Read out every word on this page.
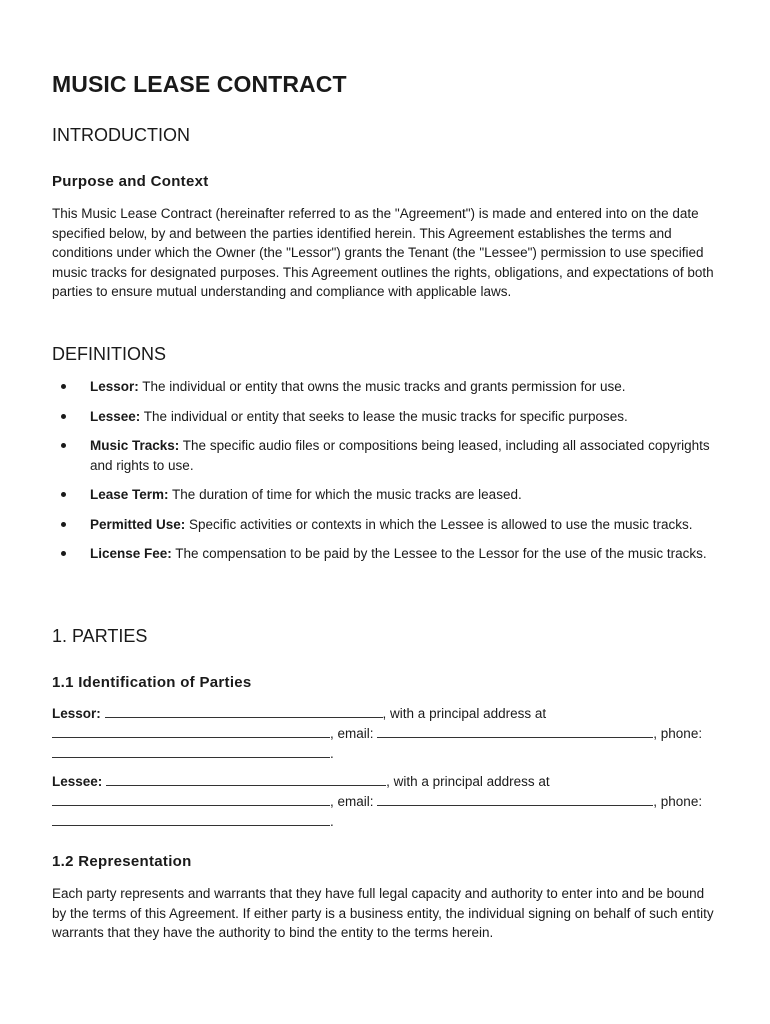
MUSIC LEASE CONTRACT
INTRODUCTION
Purpose and Context

This Music Lease Contract (hereinafter referred to as the "Agreement") is made and entered into on the date specified below, by and between the parties identified herein. This Agreement establishes the terms and conditions under which the Owner (the "Lessor") grants the Tenant (the "Lessee") permission to use specified music tracks for designated purposes. This Agreement outlines the rights, obligations, and expectations of both parties to ensure mutual understanding and compliance with applicable laws.

DEFINITIONS
Lessor: The individual or entity that owns the music tracks and grants permission for use.
Lessee: The individual or entity that seeks to lease the music tracks for specific purposes.
Music Tracks: The specific audio files or compositions being leased, including all associated copyrights and rights to use.
Lease Term: The duration of time for which the music tracks are leased.
Permitted Use: Specific activities or contexts in which the Lessee is allowed to use the music tracks.
License Fee: The compensation to be paid by the Lessee to the Lessor for the use of the music tracks.
1. PARTIES
1.1 Identification of Parties
Lessor:	, with a principal address at
, email:	, phone:
.
Lessee:	, with a principal address at
, email:	, phone:
.
1.2 Representation

Each party represents and warrants that they have full legal capacity and authority to enter into and be bound by the terms of this Agreement. If either party is a business entity, the individual signing on behalf of such entity warrants that they have the authority to bind the entity to the terms herein.
